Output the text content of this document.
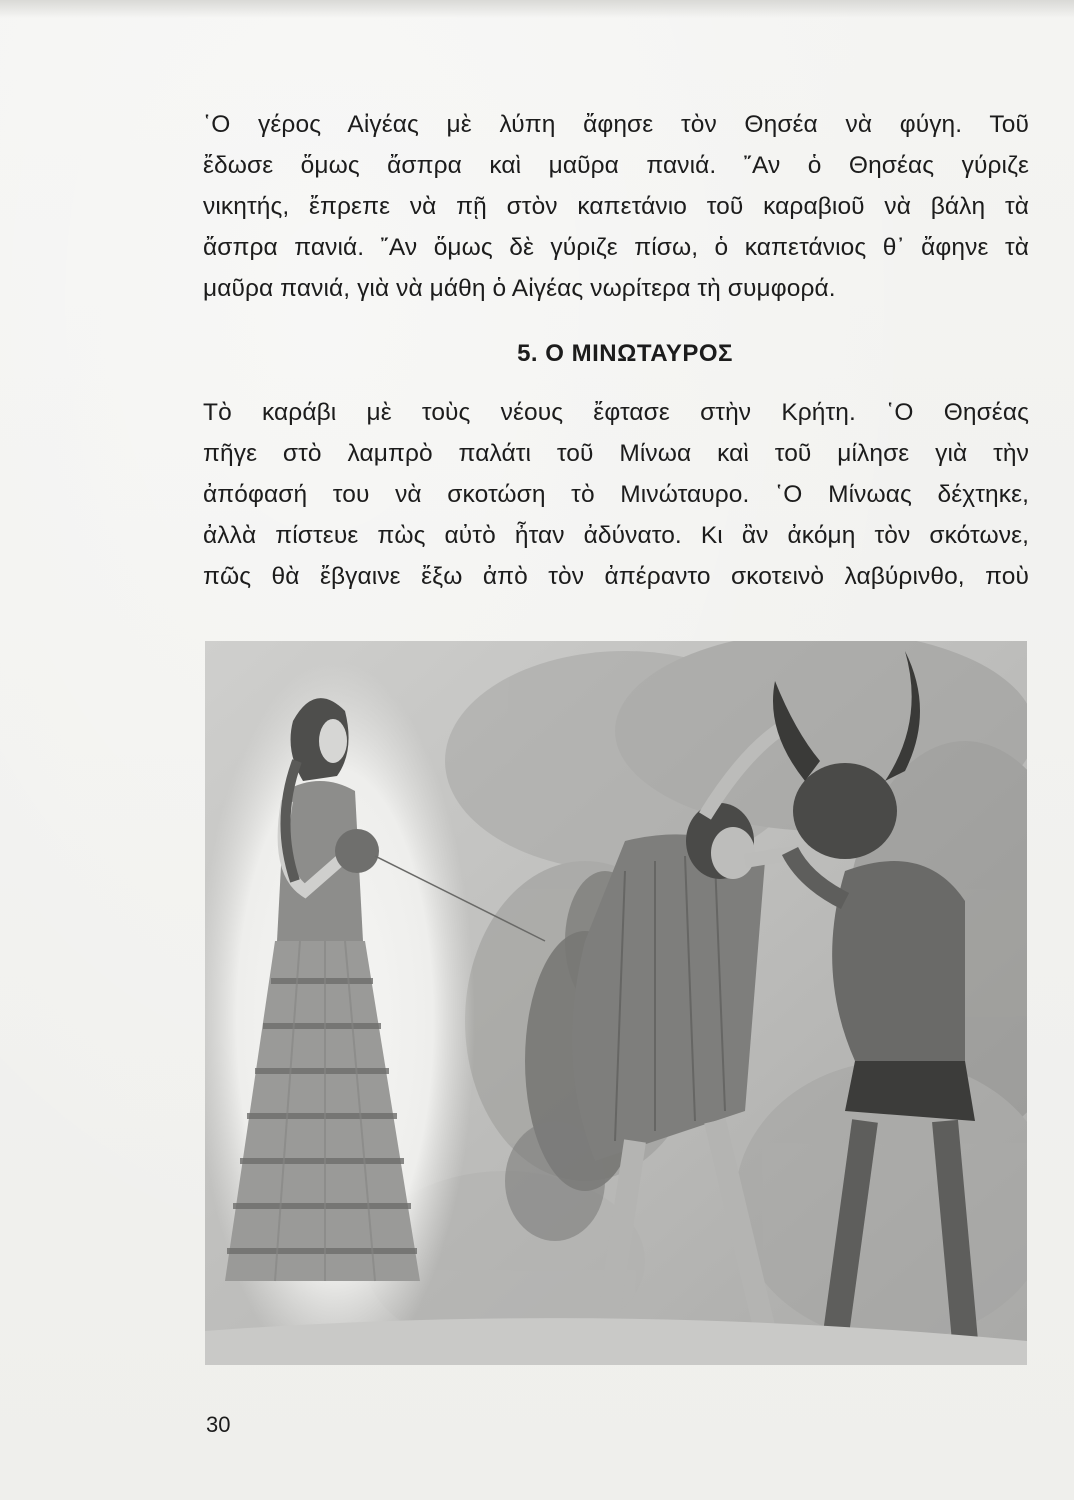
῾Ο γέρος Αἰγέας μὲ λύπη ἄφησε τὸν Θησέα νὰ φύγη. Τοῦ
ἔδωσε ὅμως ἄσπρα καὶ μαῦρα πανιά. ῎Αν ὁ Θησέας γύριζε
νικητής, ἔπρεπε νὰ πῇ στὸν καπετάνιο τοῦ καραβιοῦ νὰ βάλη τὰ
ἄσπρα πανιά. ῎Αν ὅμως δὲ γύριζε πίσω, ὁ καπετάνιος θ᾽ ἄφηνε τὰ
μαῦρα πανιά, γιὰ νὰ μάθη ὁ Αἰγέας νωρίτερα τὴ συμφορά.
5. Ο ΜΙΝΩΤΑΥΡΟΣ
Τὸ καράβι μὲ τοὺς νέους ἔφτασε στὴν Κρήτη. ῾Ο Θησέας
πῆγε στὸ λαμπρὸ παλάτι τοῦ Μίνωα καὶ τοῦ μίλησε γιὰ τὴν
ἀπόφασή του νὰ σκοτώση τὸ Μινώταυρο. ῾Ο Μίνωας δέχτηκε,
ἀλλὰ πίστευε πὼς αὐτὸ ἦταν ἀδύνατο. Κι ἂν ἀκόμη τὸν σκότωνε,
πῶς θὰ ἔβγαινε ἔξω ἀπὸ τὸν ἀπέραντο σκοτεινὸ λαβύρινθο, ποὺ
30
